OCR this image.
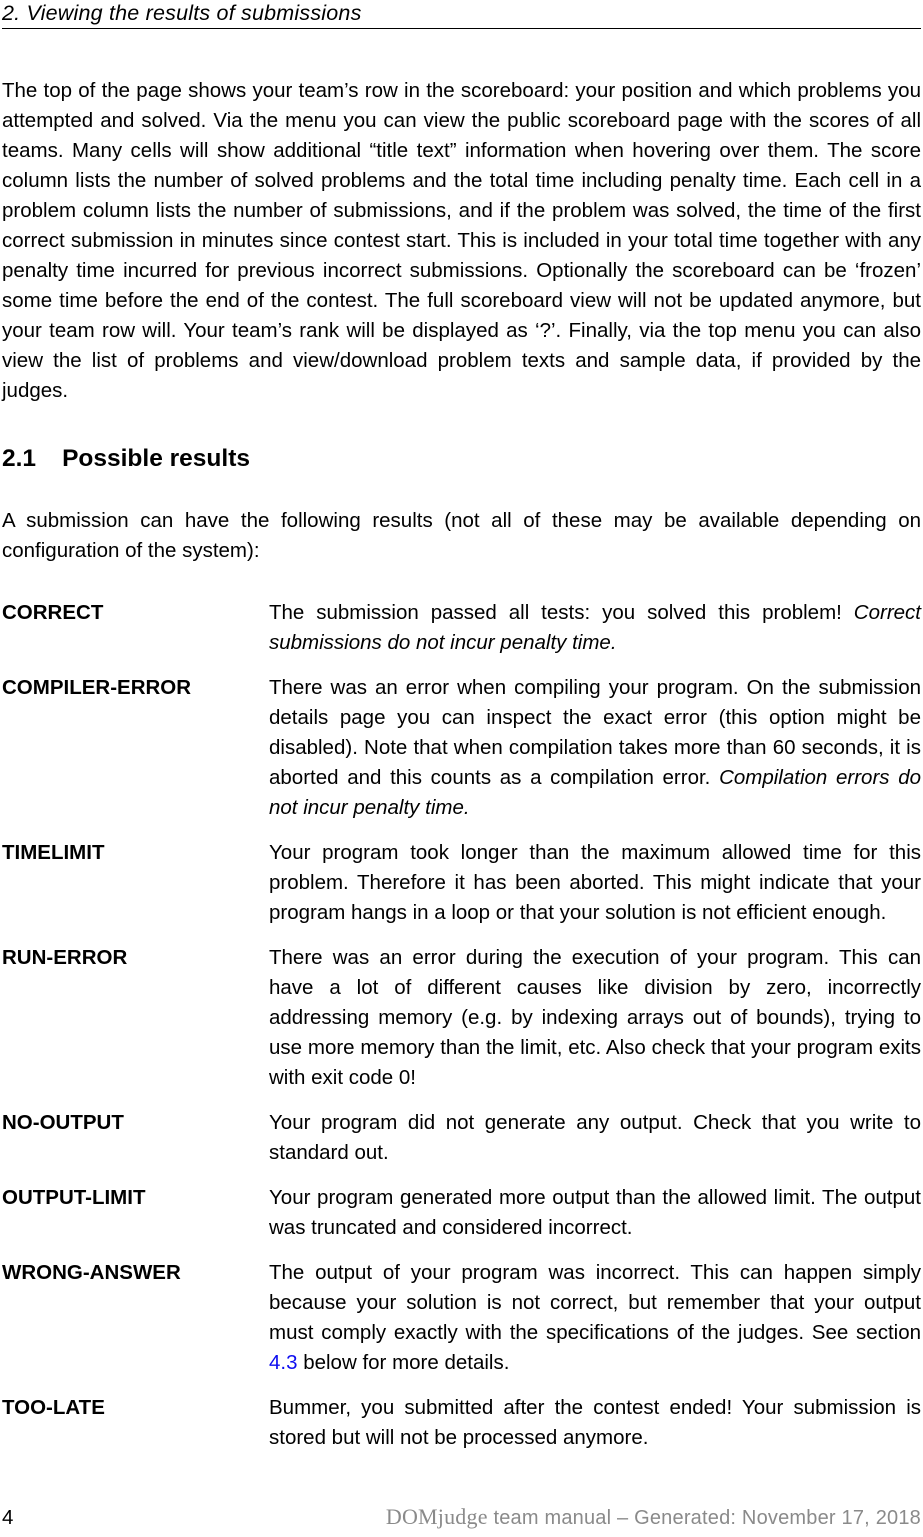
2. Viewing the results of submissions

The top of the page shows your team’s row in the scoreboard: your position and which problems you attempted and solved. Via the menu you can view the public scoreboard page with the scores of all teams. Many cells will show additional “title text” information when hovering over them. The score column lists the number of solved problems and the total time including penalty time. Each cell in a problem column lists the number of submissions, and if the problem was solved, the time of the first correct submission in minutes since contest start. This is included in your total time together with any penalty time incurred for previous incorrect submissions. Optionally the scoreboard can be ‘frozen’ some time before the end of the contest. The full scoreboard view will not be updated anymore, but your team row will. Your team’s rank will be displayed as ‘?’. Finally, via the top menu you can also view the list of problems and view/download problem texts and sample data, if provided by the judges.

2.1 Possible results

A submission can have the following results (not all of these may be available depending on configuration of the system):

CORRECT	The submission passed all tests: you solved this problem! Correct submissions do not incur penalty time.
COMPILER-ERROR	There was an error when compiling your program. On the submission details page you can inspect the exact error (this option might be disabled). Note that when compilation takes more than 60 seconds, it is aborted and this counts as a compilation error. Compilation errors do not incur penalty time.
TIMELIMIT	Your program took longer than the maximum allowed time for this problem. Therefore it has been aborted. This might indicate that your program hangs in a loop or that your solution is not efficient enough.
RUN-ERROR	There was an error during the execution of your program. This can have a lot of different causes like division by zero, incorrectly addressing memory (e.g. by indexing arrays out of bounds), trying to use more memory than the limit, etc. Also check that your program exits with exit code 0!
NO-OUTPUT	Your program did not generate any output. Check that you write to standard out.
OUTPUT-LIMIT	Your program generated more output than the allowed limit. The output was truncated and considered incorrect.
WRONG-ANSWER	The output of your program was incorrect. This can happen simply because your solution is not correct, but remember that your output must comply exactly with the specifications of the judges. See section 4.3 below for more details.
TOO-LATE	Bummer, you submitted after the contest ended! Your submission is stored but will not be processed anymore.
4	DOMjudge team manual – Generated: November 17, 2018
